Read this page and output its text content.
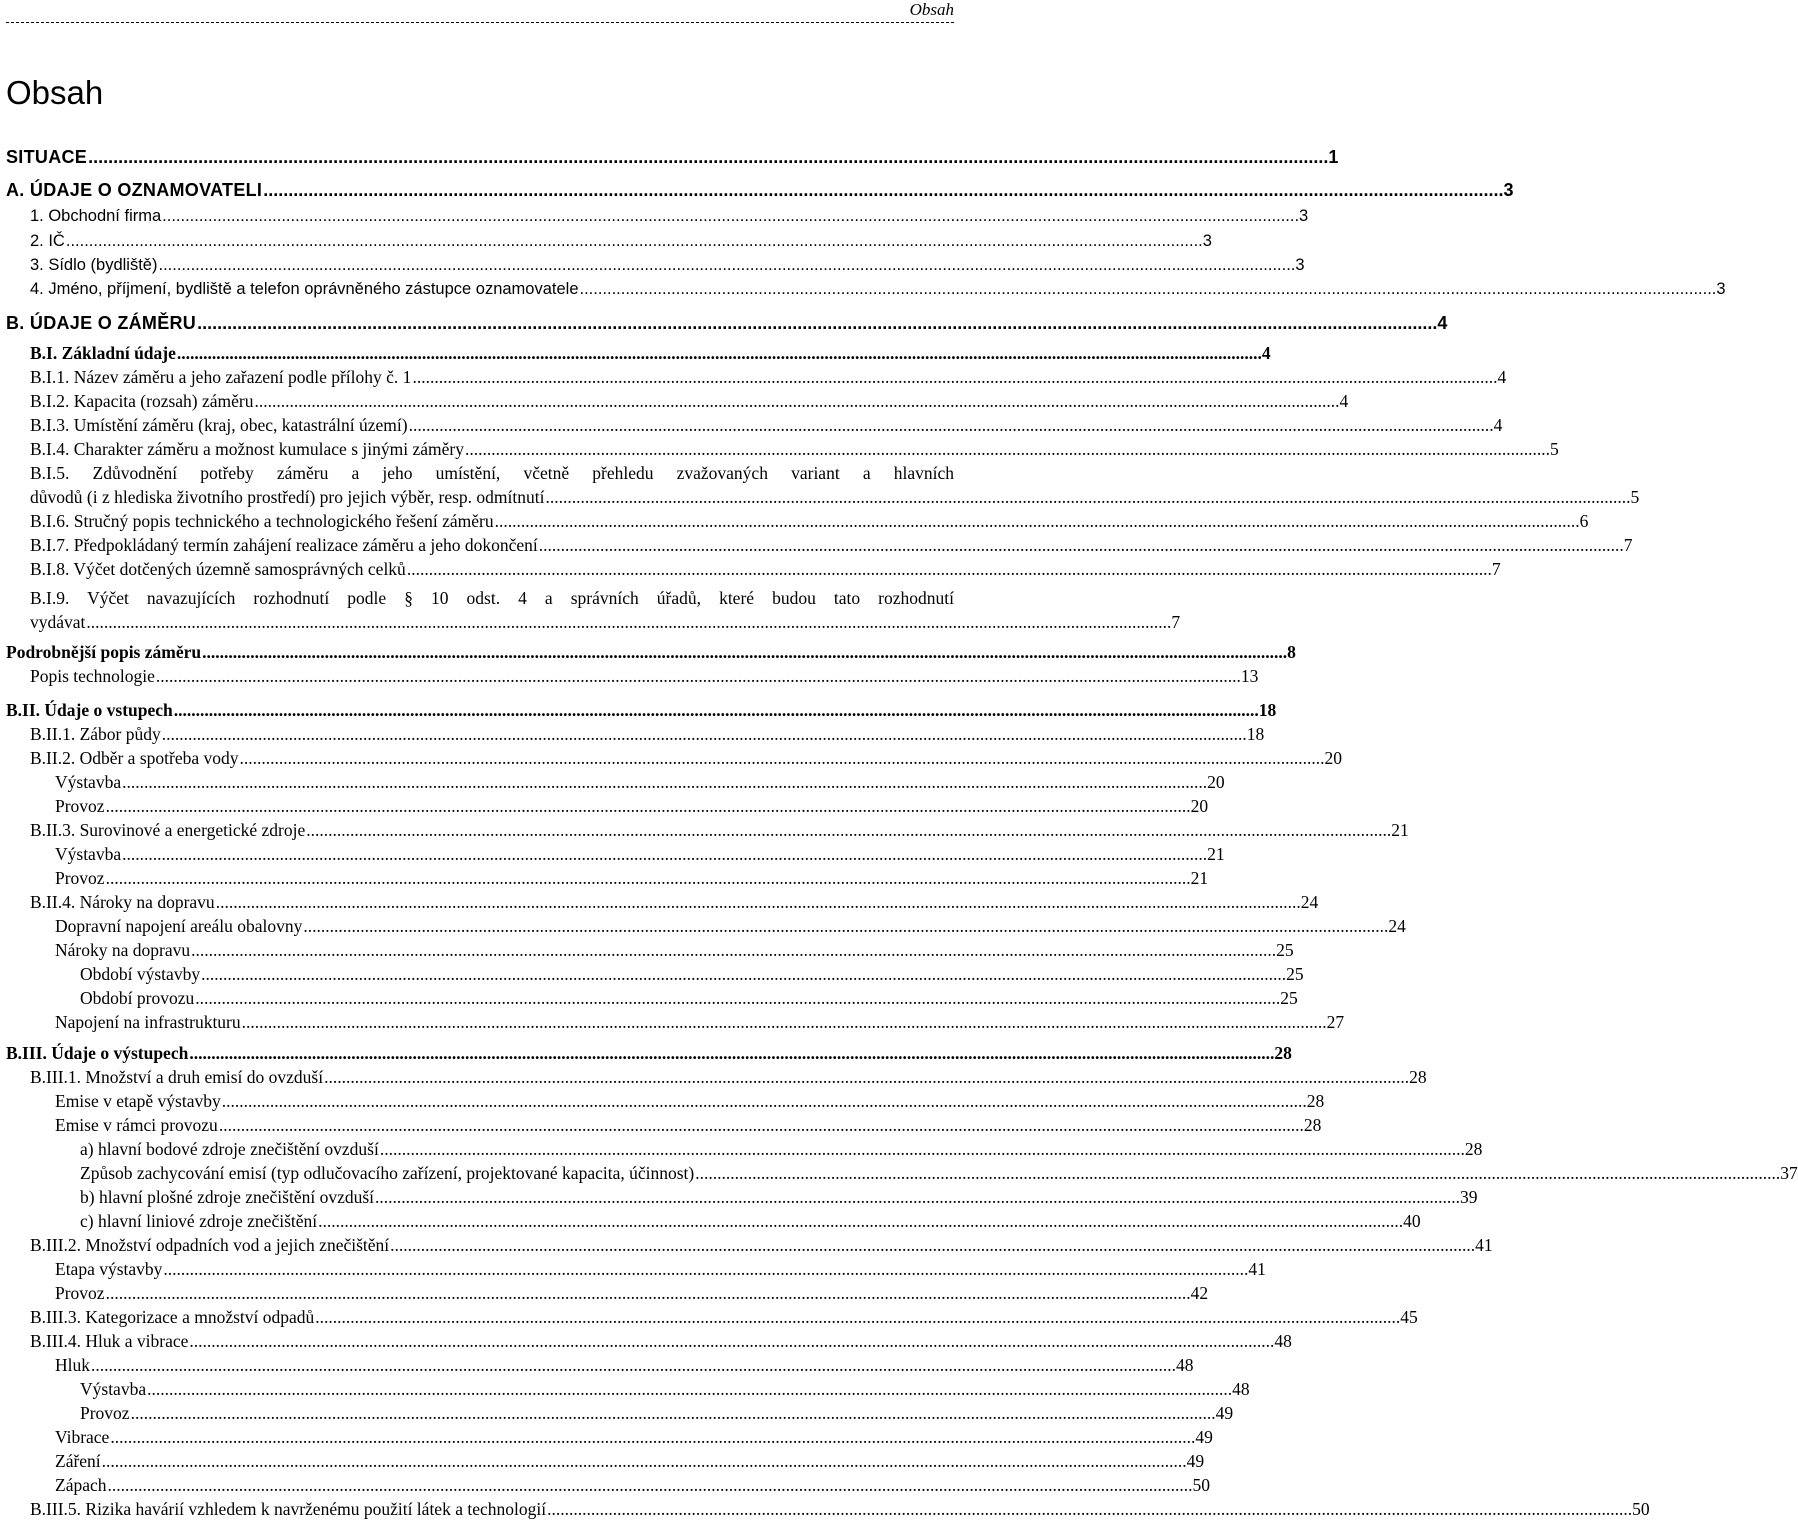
Obsah
Obsah
SITUACE .....	1
A. ÚDAJE O OZNAMOVATELI .....	3
1. Obchodní firma .....	3
2. IČ .....	3
3. Sídlo (bydliště) .....	3
4. Jméno, příjmení, bydliště a telefon oprávněného zástupce oznamovatele .....	3
B. ÚDAJE O ZÁMĚRU .....	4
B.I. Základní údaje .....	4
B.I.1. Název záměru a jeho zařazení podle přílohy č. 1 .....	4
B.I.2. Kapacita (rozsah) záměru .....	4
B.I.3. Umístění záměru (kraj, obec, katastrální území) .....	4
B.I.4. Charakter záměru a možnost kumulace s jinými záměry .....	5
B.I.5. Zdůvodnění potřeby záměru a jeho umístění, včetně přehledu zvažovaných variant a hlavních
důvodů (i z hlediska životního prostředí) pro jejich výběr, resp. odmítnutí .....	5
B.I.6. Stručný popis technického a technologického řešení záměru .....	6
B.I.7. Předpokládaný termín zahájení realizace záměru a jeho dokončení .....	7
B.I.8. Výčet dotčených územně samosprávných celků .....	7
B.I.9. Výčet navazujících rozhodnutí podle § 10 odst. 4 a správních úřadů, které budou tato rozhodnutí
vydávat .....	7
Podrobnější popis záměru .....	8
Popis technologie .....	13
B.II. Údaje o vstupech .....	18
B.II.1. Zábor půdy .....	18
B.II.2. Odběr a spotřeba vody .....	20
Výstavba .....	20
Provoz .....	20
B.II.3. Surovinové a energetické zdroje .....	21
Výstavba .....	21
Provoz .....	21
B.II.4. Nároky na dopravu .....	24
Dopravní napojení areálu obalovny .....	24
Nároky na dopravu .....	25
Období výstavby .....	25
Období provozu .....	25
Napojení na infrastrukturu .....	27
B.III. Údaje o výstupech .....	28
B.III.1. Množství a druh emisí do ovzduší .....	28
Emise v etapě výstavby .....	28
Emise v rámci provozu .....	28
a) hlavní bodové zdroje znečištění ovzduší .....	28
Způsob zachycování emisí (typ odlučovacího zařízení, projektované kapacita, účinnost) .....	37
b) hlavní plošné zdroje znečištění ovzduší .....	39
c) hlavní liniové zdroje znečištění .....	40
B.III.2. Množství odpadních vod a jejich znečištění .....	41
Etapa výstavby .....	41
Provoz .....	42
B.III.3. Kategorizace a množství odpadů .....	45
B.III.4. Hluk a vibrace .....	48
Hluk .....	48
Výstavba .....	48
Provoz .....	49
Vibrace .....	49
Záření .....	49
Zápach .....	50
B.III.5. Rizika havárií vzhledem k navrženému použití látek a technologií .....	50
